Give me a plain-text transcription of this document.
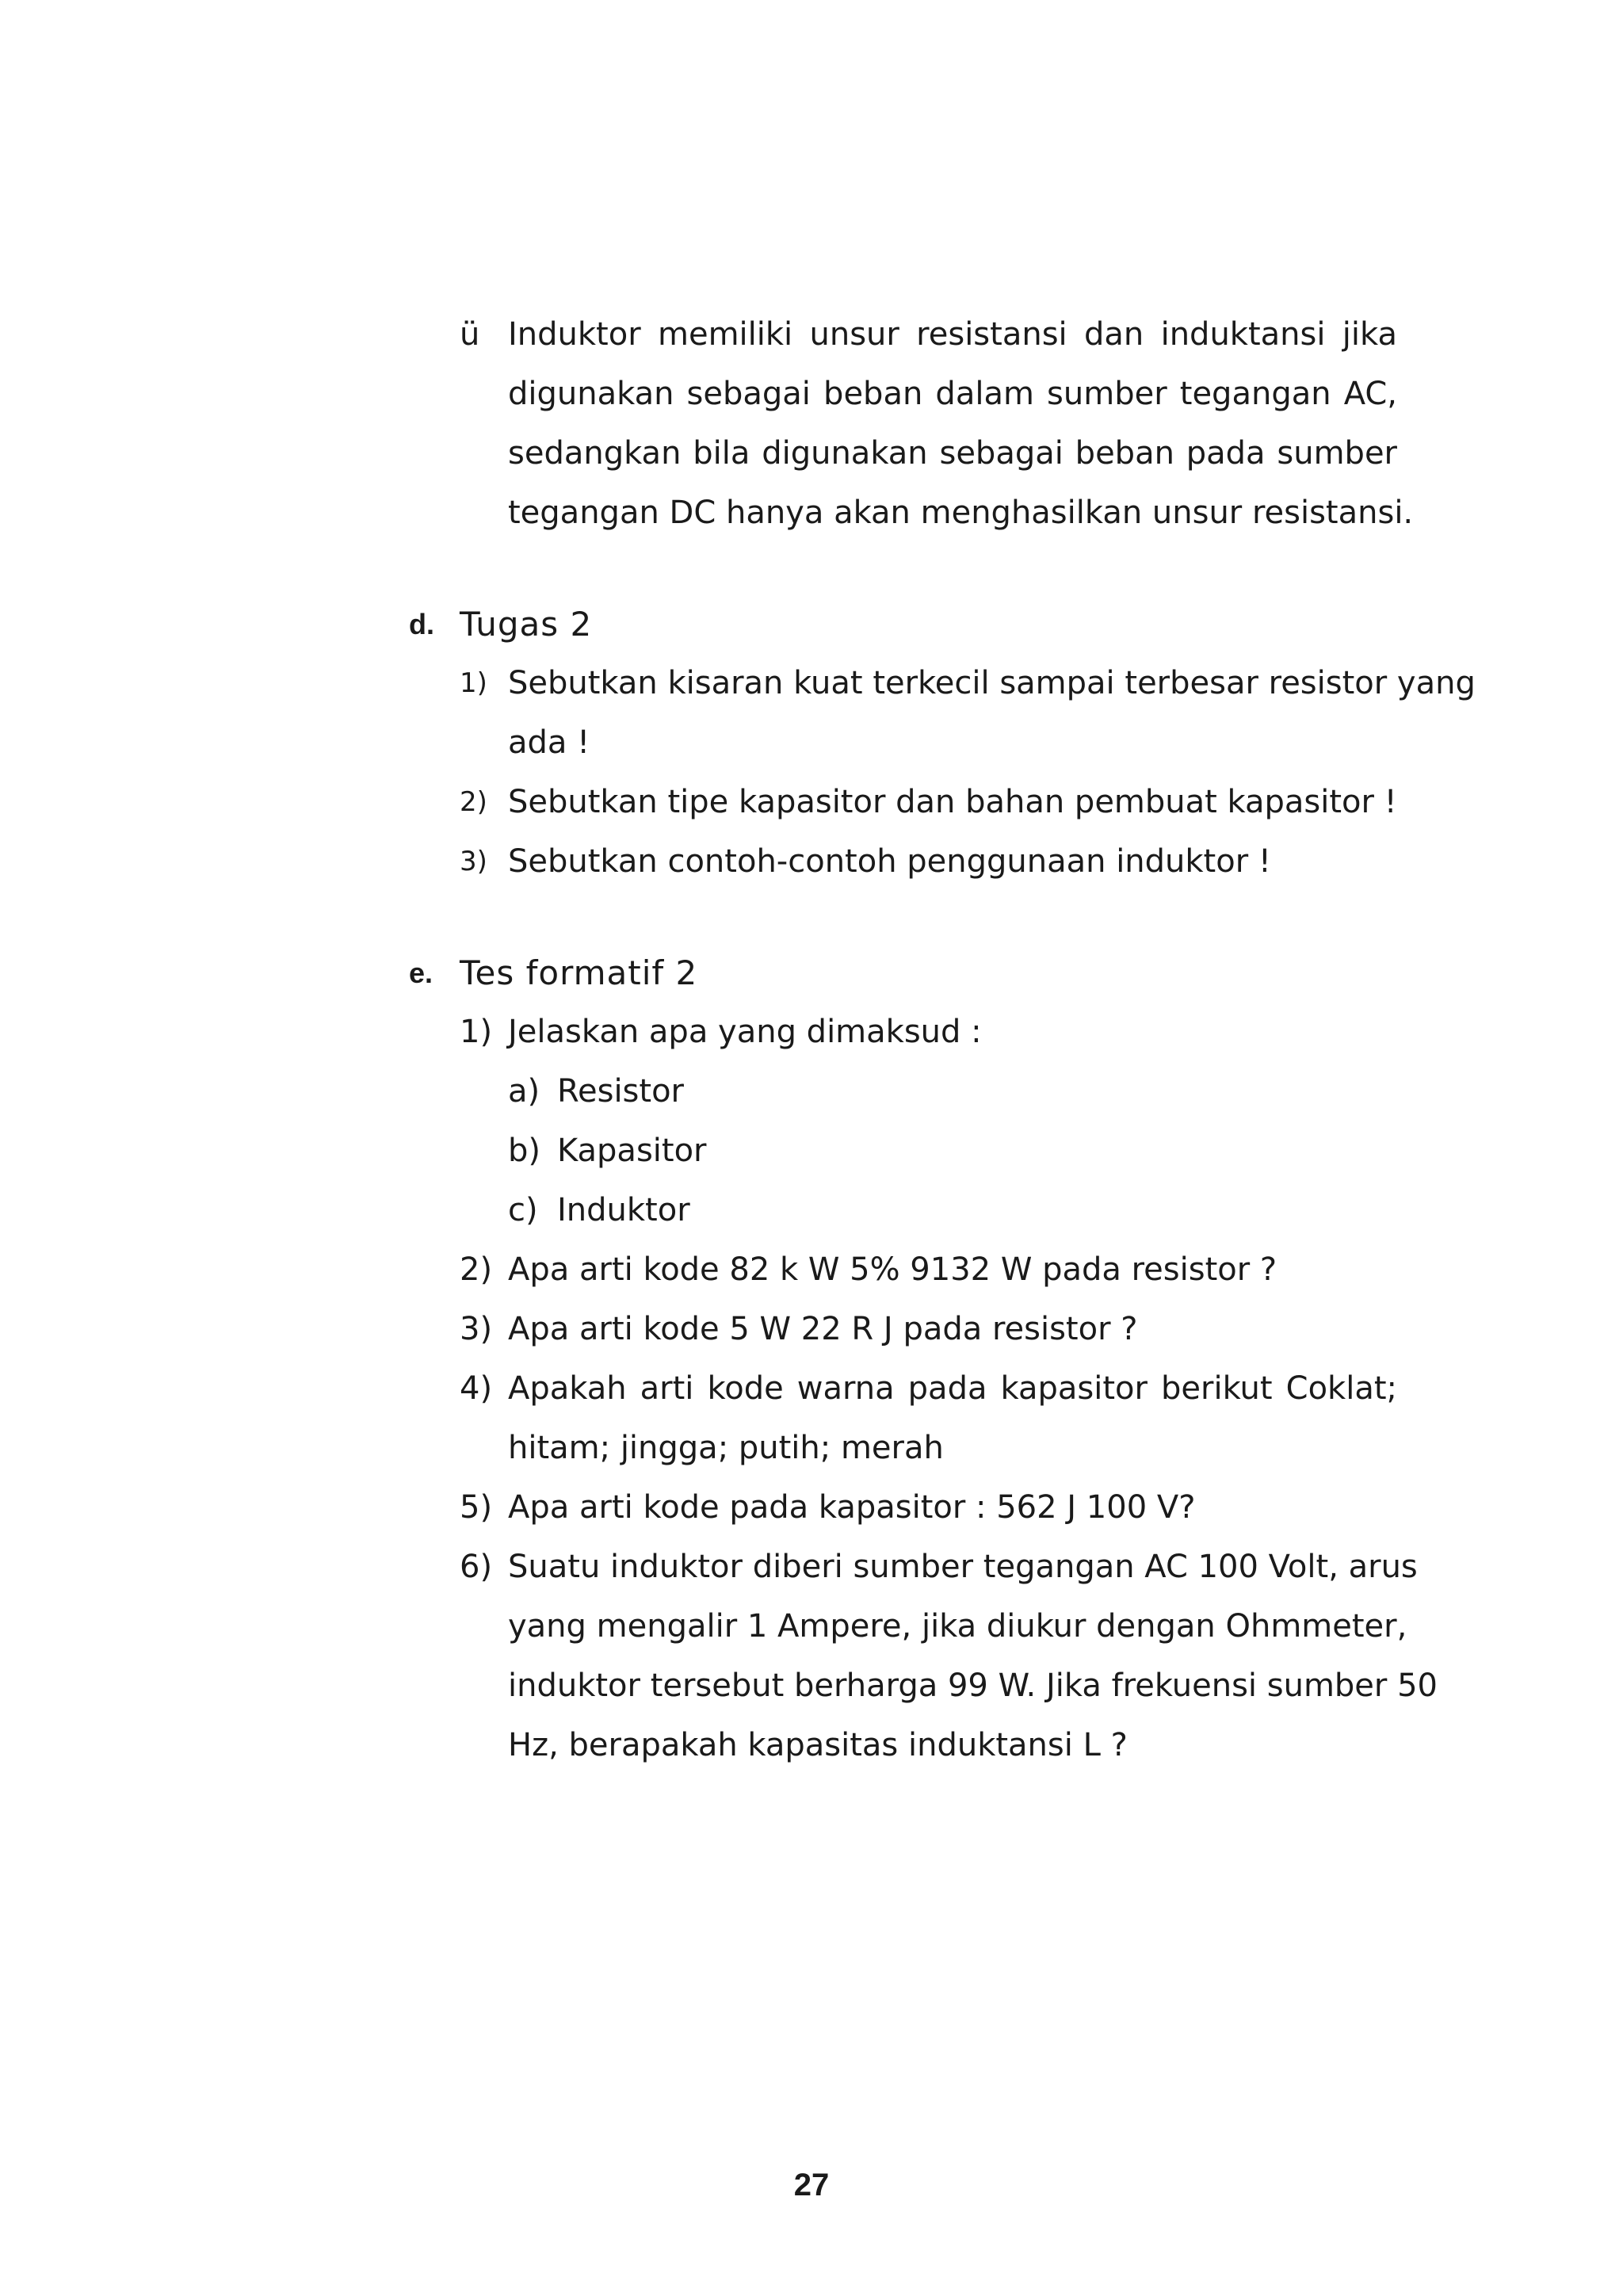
ü Induktor memiliki unsur resistansi dan induktansi jika
digunakan sebagai beban dalam sumber tegangan AC,
sedangkan bila digunakan sebagai beban pada sumber
tegangan DC hanya akan menghasilkan unsur resistansi.
d. Tugas 2
1) Sebutkan kisaran kuat terkecil sampai terbesar resistor yang
ada !
2) Sebutkan tipe kapasitor dan bahan pembuat kapasitor !
3) Sebutkan contoh-contoh penggunaan induktor !
e. Tes formatif 2
1) Jelaskan apa yang dimaksud :
a) Resistor
b) Kapasitor
c) Induktor
2) Apa arti kode 82 k W 5% 9132 W pada resistor ?
3) Apa arti kode 5 W 22 R J pada resistor ?
4) Apakah arti kode warna pada kapasitor berikut Coklat;
hitam; jingga; putih; merah
5) Apa arti kode pada kapasitor : 562 J 100 V?
6) Suatu induktor diberi sumber tegangan AC 100 Volt, arus
yang mengalir 1 Ampere, jika diukur dengan Ohmmeter,
induktor tersebut berharga 99 W. Jika frekuensi sumber 50
Hz, berapakah kapasitas induktansi L ?
27
